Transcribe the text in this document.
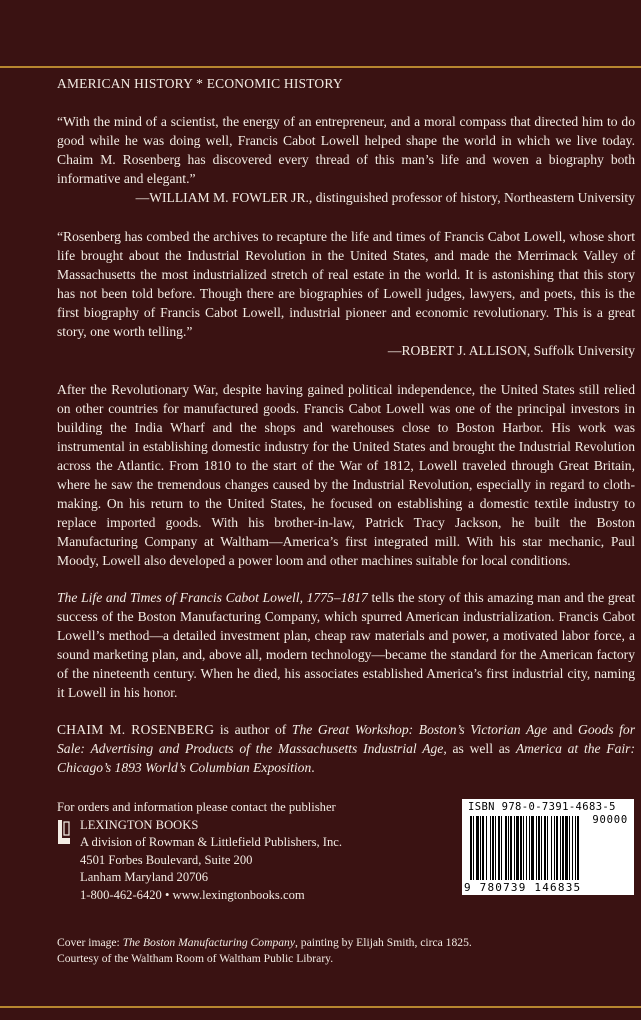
AMERICAN HISTORY * ECONOMIC HISTORY

“With the mind of a scientist, the energy of an entrepreneur, and a moral compass that directed him to do good while he was doing well, Francis Cabot Lowell helped shape the world in which we live today. Chaim M. Rosenberg has discovered every thread of this man’s life and woven a biography both informative and elegant.”

—WILLIAM M. FOWLER JR., distinguished professor of history, Northeastern University

“Rosenberg has combed the archives to recapture the life and times of Francis Cabot Lowell, whose short life brought about the Industrial Revolution in the United States, and made the Merrimack Valley of Massachusetts the most industrialized stretch of real estate in the world. It is astonishing that this story has not been told before. Though there are biographies of Lowell judges, lawyers, and poets, this is the first biography of Francis Cabot Lowell, industrial pioneer and economic revolutionary. This is a great story, one worth telling.”

—ROBERT J. ALLISON, Suffolk University

After the Revolutionary War, despite having gained political independence, the United States still relied on other countries for manufactured goods. Francis Cabot Lowell was one of the principal investors in building the India Wharf and the shops and warehouses close to Boston Harbor. His work was instrumental in establishing domestic industry for the United States and brought the Industrial Revolution across the Atlantic. From 1810 to the start of the War of 1812, Lowell traveled through Great Britain, where he saw the tremendous changes caused by the Industrial Revolution, especially in regard to cloth-making. On his return to the United States, he focused on establishing a domestic textile industry to replace imported goods. With his brother-in-law, Patrick Tracy Jackson, he built the Boston Manufacturing Company at Waltham—America’s first integrated mill. With his star mechanic, Paul Moody, Lowell also developed a power loom and other machines suitable for local conditions.

The Life and Times of Francis Cabot Lowell, 1775–1817 tells the story of this amazing man and the great success of the Boston Manufacturing Company, which spurred American industrialization. Francis Cabot Lowell’s method—a detailed investment plan, cheap raw materials and power, a motivated labor force, a sound marketing plan, and, above all, modern technology—became the standard for the American factory of the nineteenth century. When he died, his associates established America’s first industrial city, naming it Lowell in his honor.

CHAIM M. ROSENBERG is author of The Great Workshop: Boston’s Victorian Age and Goods for Sale: Advertising and Products of the Massachusetts Industrial Age, as well as America at the Fair: Chicago’s 1893 World’s Columbian Exposition.

For orders and information please contact the publisher
LEXINGTON BOOKS
A division of Rowman & Littlefield Publishers, Inc.
4501 Forbes Boulevard, Suite 200
Lanham Maryland 20706
1-800-462-6420 • www.lexingtonbooks.com
Cover image: The Boston Manufacturing Company, painting by Elijah Smith, circa 1825.
Courtesy of the Waltham Room of Waltham Public Library.
ISBN 978-0-7391-4683-5
90000
9 780739 146835
